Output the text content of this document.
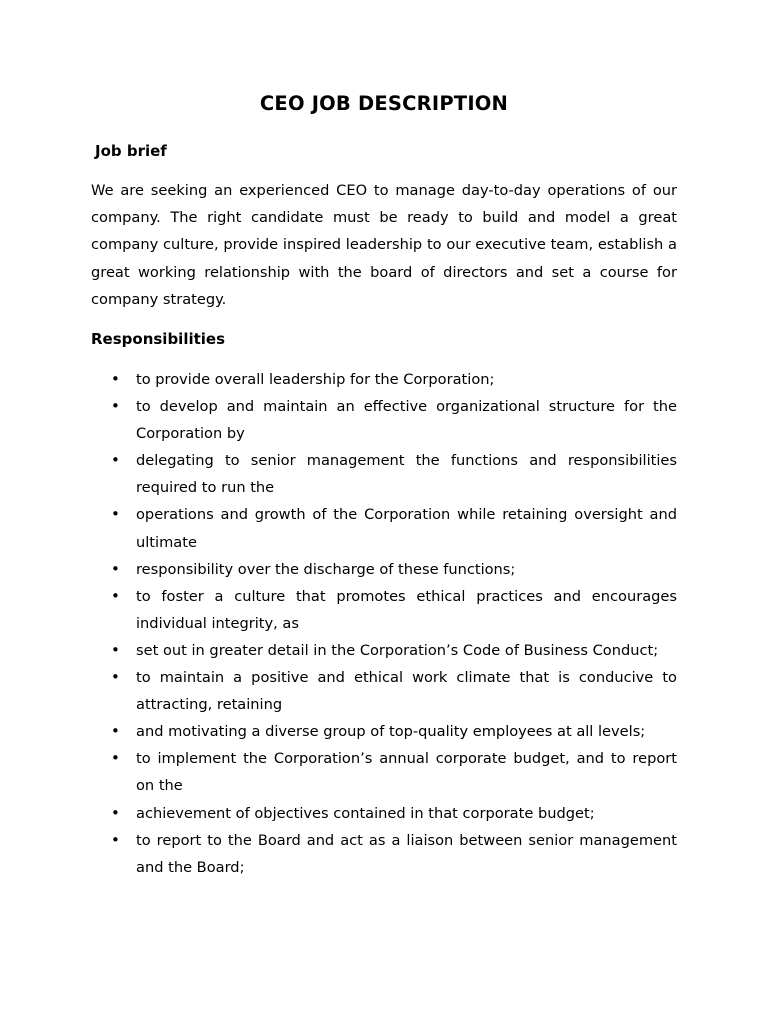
CEO JOB DESCRIPTION
Job brief

We are seeking an experienced CEO to manage day-to-day operations of our company. The right candidate must be ready to build and model a great company culture, provide inspired leadership to our executive team, establish a great working relationship with the board of directors and set a course for company strategy.

Responsibilities
• to provide overall leadership for the Corporation;
• to develop and maintain an effective organizational structure for the Corporation by
• delegating to senior management the functions and responsibilities required to run the
• operations and growth of the Corporation while retaining oversight and ultimate
• responsibility over the discharge of these functions;
• to foster a culture that promotes ethical practices and encourages individual integrity, as
• set out in greater detail in the Corporation’s Code of Business Conduct;
• to maintain a positive and ethical work climate that is conducive to attracting, retaining
• and motivating a diverse group of top-quality employees at all levels;
• to implement the Corporation’s annual corporate budget, and to report on the
• achievement of objectives contained in that corporate budget;
• to report to the Board and act as a liaison between senior management and the Board;
